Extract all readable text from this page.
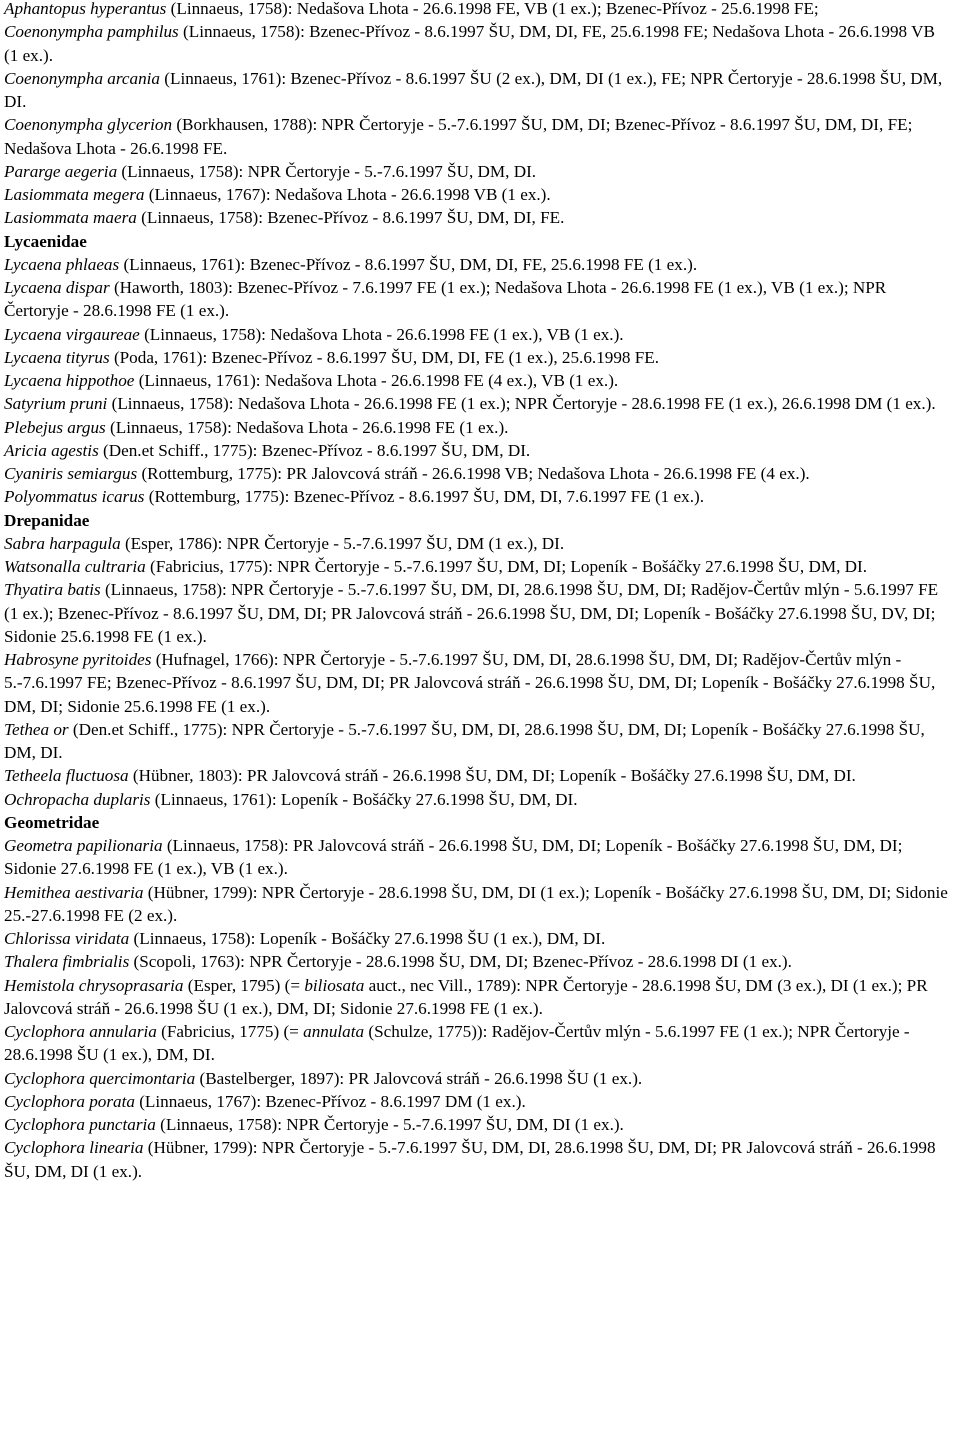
Aphantopus hyperantus (Linnaeus, 1758): Nedašova Lhota - 26.6.1998 FE, VB (1 ex.); Bzenec-Přívoz - 25.6.1998 FE;

Coenonympha pamphilus (Linnaeus, 1758): Bzenec-Přívoz - 8.6.1997 ŠU, DM, DI, FE, 25.6.1998 FE; Nedašova Lhota - 26.6.1998 VB (1 ex.).

Coenonympha arcania (Linnaeus, 1761): Bzenec-Přívoz - 8.6.1997 ŠU (2 ex.), DM, DI (1 ex.), FE; NPR Čertoryje - 28.6.1998 ŠU, DM, DI.

Coenonympha glycerion (Borkhausen, 1788): NPR Čertoryje - 5.-7.6.1997 ŠU, DM, DI; Bzenec-Přívoz - 8.6.1997 ŠU, DM, DI, FE; Nedašova Lhota - 26.6.1998 FE.

Pararge aegeria (Linnaeus, 1758): NPR Čertoryje - 5.-7.6.1997 ŠU, DM, DI.

Lasiommata megera (Linnaeus, 1767): Nedašova Lhota - 26.6.1998 VB (1 ex.).

Lasiommata maera (Linnaeus, 1758): Bzenec-Přívoz - 8.6.1997 ŠU, DM, DI, FE.

Lycaenidae

Lycaena phlaeas (Linnaeus, 1761): Bzenec-Přívoz - 8.6.1997 ŠU, DM, DI, FE, 25.6.1998 FE (1 ex.).

Lycaena dispar (Haworth, 1803): Bzenec-Přívoz - 7.6.1997 FE (1 ex.); Nedašova Lhota - 26.6.1998 FE (1 ex.), VB (1 ex.); NPR Čertoryje - 28.6.1998 FE (1 ex.).

Lycaena virgaureae (Linnaeus, 1758): Nedašova Lhota - 26.6.1998 FE (1 ex.), VB (1 ex.).

Lycaena tityrus (Poda, 1761): Bzenec-Přívoz - 8.6.1997 ŠU, DM, DI, FE (1 ex.), 25.6.1998 FE.

Lycaena hippothoe (Linnaeus, 1761): Nedašova Lhota - 26.6.1998 FE (4 ex.), VB (1 ex.).

Satyrium pruni (Linnaeus, 1758): Nedašova Lhota - 26.6.1998 FE (1 ex.); NPR Čertoryje - 28.6.1998 FE (1 ex.), 26.6.1998 DM (1 ex.).

Plebejus argus (Linnaeus, 1758): Nedašova Lhota - 26.6.1998 FE (1 ex.).

Aricia agestis (Den.et Schiff., 1775): Bzenec-Přívoz - 8.6.1997 ŠU, DM, DI.

Cyaniris semiargus (Rottemburg, 1775): PR Jalovcová stráň - 26.6.1998 VB; Nedašova Lhota - 26.6.1998 FE (4 ex.).

Polyommatus icarus (Rottemburg, 1775): Bzenec-Přívoz - 8.6.1997 ŠU, DM, DI, 7.6.1997 FE (1 ex.).

Drepanidae

Sabra harpagula (Esper, 1786): NPR Čertoryje - 5.-7.6.1997 ŠU, DM (1 ex.), DI.

Watsonalla cultraria (Fabricius, 1775): NPR Čertoryje - 5.-7.6.1997 ŠU, DM, DI; Lopeník - Bošáčky 27.6.1998 ŠU, DM, DI.

Thyatira batis (Linnaeus, 1758): NPR Čertoryje - 5.-7.6.1997 ŠU, DM, DI, 28.6.1998 ŠU, DM, DI; Radějov-Čertův mlýn - 5.6.1997 FE (1 ex.); Bzenec-Přívoz - 8.6.1997 ŠU, DM, DI; PR Jalovcová stráň - 26.6.1998 ŠU, DM, DI; Lopeník - Bošáčky 27.6.1998 ŠU, DV, DI; Sidonie 25.6.1998 FE (1 ex.).

Habrosyne pyritoides (Hufnagel, 1766): NPR Čertoryje - 5.-7.6.1997 ŠU, DM, DI, 28.6.1998 ŠU, DM, DI; Radějov-Čertův mlýn - 5.-7.6.1997 FE; Bzenec-Přívoz - 8.6.1997 ŠU, DM, DI; PR Jalovcová stráň - 26.6.1998 ŠU, DM, DI; Lopeník - Bošáčky 27.6.1998 ŠU, DM, DI; Sidonie 25.6.1998 FE (1 ex.).

Tethea or (Den.et Schiff., 1775): NPR Čertoryje - 5.-7.6.1997 ŠU, DM, DI, 28.6.1998 ŠU, DM, DI; Lopeník - Bošáčky 27.6.1998 ŠU, DM, DI.

Tetheela fluctuosa (Hübner, 1803): PR Jalovcová stráň - 26.6.1998 ŠU, DM, DI; Lopeník - Bošáčky 27.6.1998 ŠU, DM, DI.

Ochropacha duplaris (Linnaeus, 1761): Lopeník - Bošáčky 27.6.1998 ŠU, DM, DI.

Geometridae

Geometra papilionaria (Linnaeus, 1758): PR Jalovcová stráň - 26.6.1998 ŠU, DM, DI; Lopeník - Bošáčky 27.6.1998 ŠU, DM, DI; Sidonie 27.6.1998 FE (1 ex.), VB (1 ex.).

Hemithea aestivaria (Hübner, 1799): NPR Čertoryje - 28.6.1998 ŠU, DM, DI (1 ex.); Lopeník - Bošáčky 27.6.1998 ŠU, DM, DI; Sidonie 25.-27.6.1998 FE (2 ex.).

Chlorissa viridata (Linnaeus, 1758): Lopeník - Bošáčky 27.6.1998 ŠU (1 ex.), DM, DI.

Thalera fimbrialis (Scopoli, 1763): NPR Čertoryje - 28.6.1998 ŠU, DM, DI; Bzenec-Přívoz - 28.6.1998 DI (1 ex.).

Hemistola chrysoprasaria (Esper, 1795) (= biliosata auct., nec Vill., 1789): NPR Čertoryje - 28.6.1998 ŠU, DM (3 ex.), DI (1 ex.); PR Jalovcová stráň - 26.6.1998 ŠU (1 ex.), DM, DI; Sidonie 27.6.1998 FE (1 ex.).

Cyclophora annularia (Fabricius, 1775) (= annulata (Schulze, 1775)): Radějov-Čertův mlýn - 5.6.1997 FE (1 ex.); NPR Čertoryje - 28.6.1998 ŠU (1 ex.), DM, DI.

Cyclophora quercimontaria (Bastelberger, 1897): PR Jalovcová stráň - 26.6.1998 ŠU (1 ex.).

Cyclophora porata (Linnaeus, 1767): Bzenec-Přívoz - 8.6.1997 DM (1 ex.).

Cyclophora punctaria (Linnaeus, 1758): NPR Čertoryje - 5.-7.6.1997 ŠU, DM, DI (1 ex.).

Cyclophora linearia (Hübner, 1799): NPR Čertoryje - 5.-7.6.1997 ŠU, DM, DI, 28.6.1998 ŠU, DM, DI; PR Jalovcová stráň - 26.6.1998 ŠU, DM, DI (1 ex.).
